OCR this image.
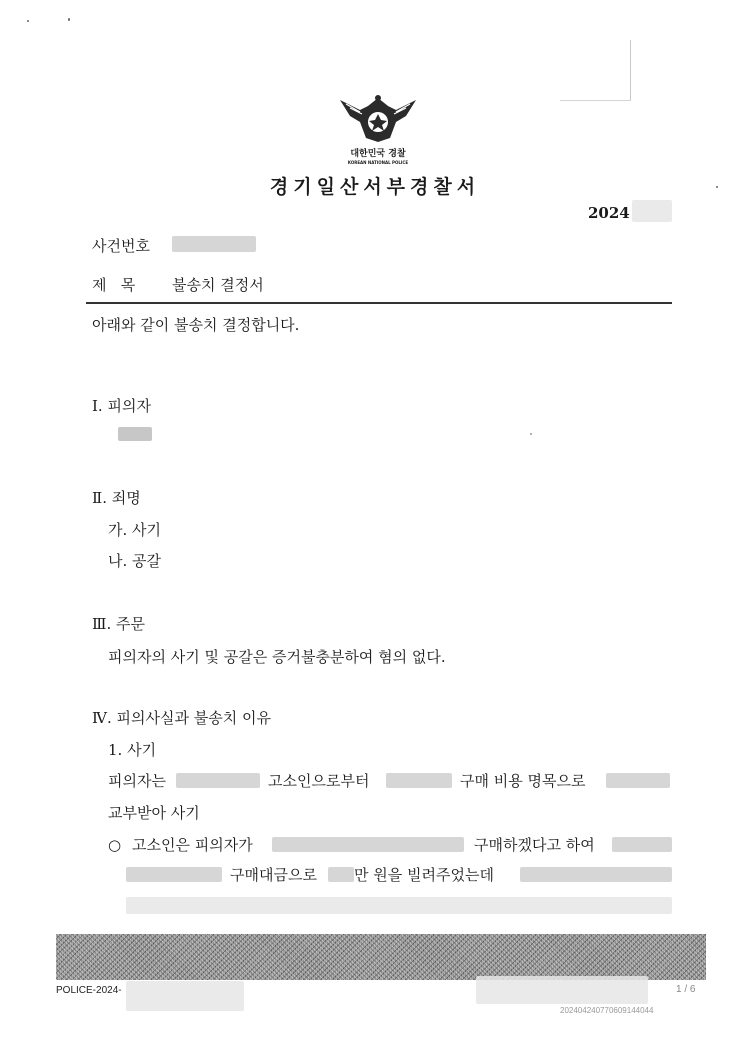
대한민국 경찰
KOREAN NATIONAL POLICE
경기일산서부경찰서
2024
사건번호
제   목 불송치 결정서
아래와 같이 불송치 결정합니다.
Ⅰ. 피의자
Ⅱ. 죄명
가. 사기
나. 공갈
Ⅲ. 주문
피의자의 사기 및 공갈은 증거불충분하여 혐의 없다.
Ⅳ. 피의사실과 불송치 이유
1. 사기
피의자는	고소인으로부터	구매 비용 명목으로
교부받아 사기
○ 고소인은 피의자가	구매하겠다고 하여
구매대금으로 만 원을 빌려주었는데
POLICE-2024-	1 / 6
202404240770609144044
